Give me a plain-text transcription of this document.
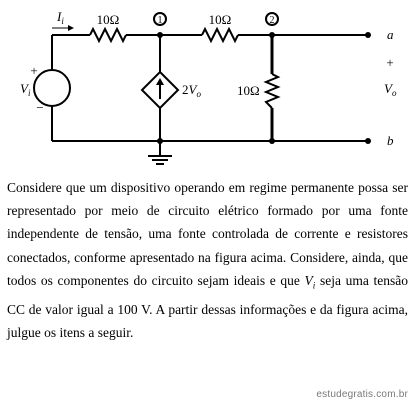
+
−
$V_i$	$2V_o$
$I_i$	10Ω	10Ω
10Ω
1	2
a
b
+
$V_o$

Considere que um dispositivo operando em regime permanente possa ser representado por meio de circuito elétrico formado por uma fonte independente de tensão, uma fonte controlada de corrente e resistores conectados, conforme apresentado na figura acima. Considere, ainda, que todos os componentes do circuito sejam ideais e que $V_i$ seja uma tensão CC de valor igual a 100 V. A partir dessas informações e da figura acima, julgue os itens a seguir.

estudegratis.com.br
